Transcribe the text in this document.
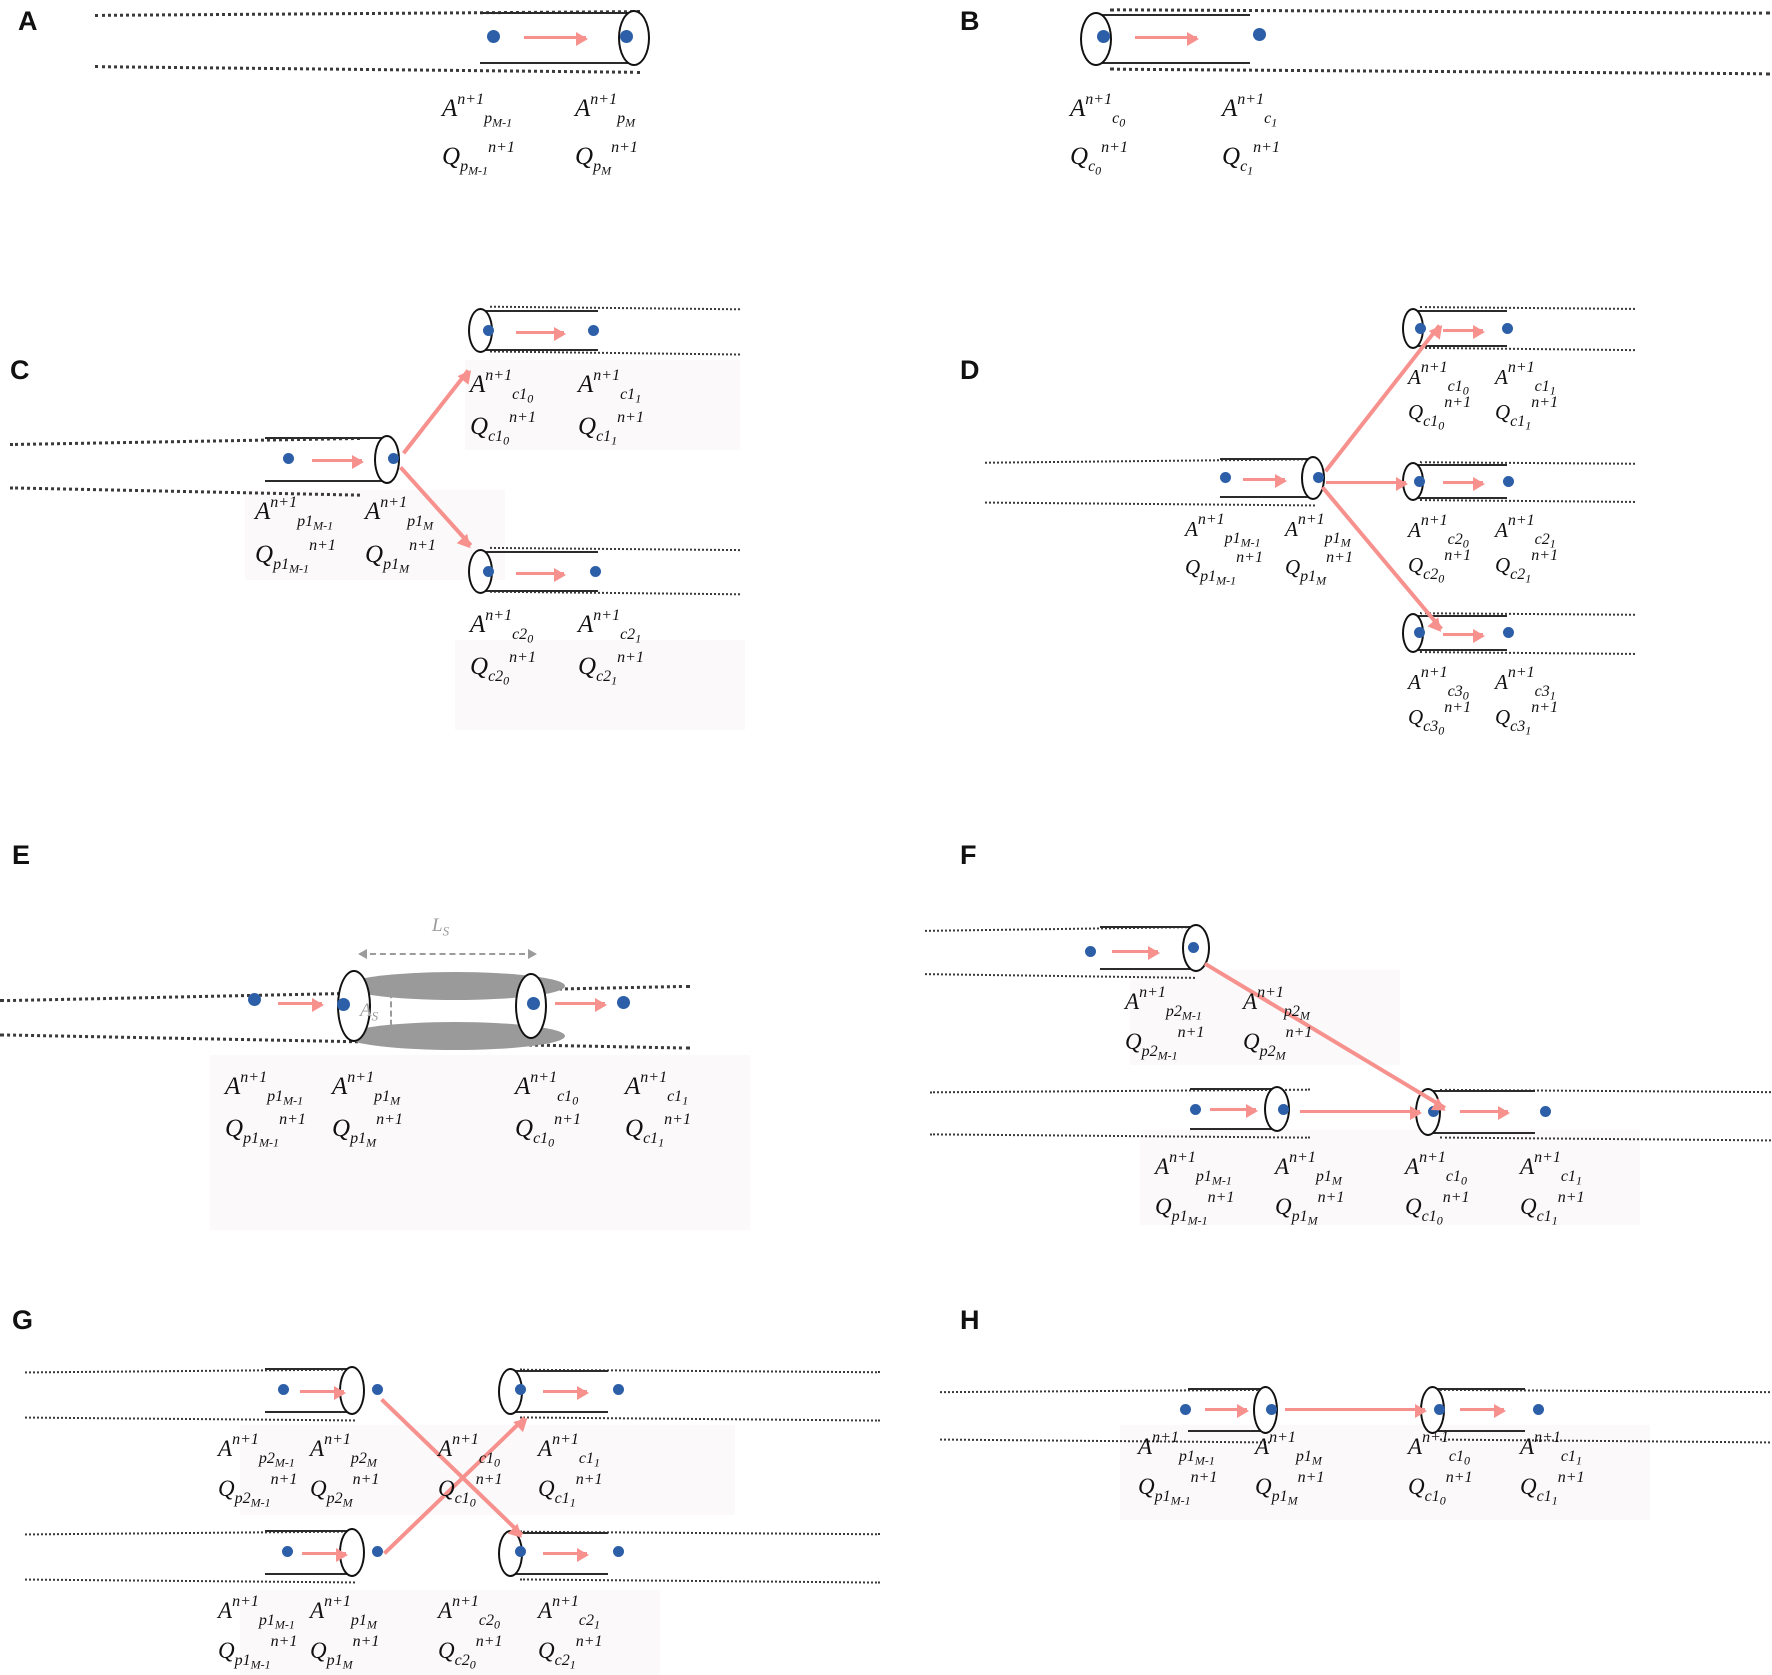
A
$A^{n+1}_{p_{M-1}}$
$A^{n+1}_{p_M}$
$Q_{p_{M-1}}^{n+1}$ $Q_{p_M}^{n+1}$
B
$A^{n+1}_{c_0}$
$A^{n+1}_{c_1}$
$Q_{c_0}^{n+1}$	$Q_{c_1}^{n+1}$
C
$A^{n+1}_{p1_{M-1}}$
$A^{n+1}_{p1_M}$
$Q_{p1_{M-1}}^{n+1}$ $Q_{p1_M}^{n+1}$
$A^{n+1}_{c1_0}$
$A^{n+1}_{c1_1}$
$Q_{c1_0}^{n+1}$ $Q_{c1_1}^{n+1}$
$A^{n+1}_{c2_0}$
$A^{n+1}_{c2_1}$
$Q_{c2_0}^{n+1}$ $Q_{c2_1}^{n+1}$
D
$A^{n+1}_{p1_{M-1}}$
$A^{n+1}_{p1_M}$
$Q_{p1_{M-1}}^{n+1}$ $Q_{p1_M}^{n+1}$
$A^{n+1}_{c1_0}$
$A^{n+1}_{c1_1}$
$Q_{c1_0}^{n+1}$ $Q_{c1_1}^{n+1}$
$A^{n+1}_{c2_0}$
$A^{n+1}_{c2_1}$
$Q_{c2_0}^{n+1}$ $Q_{c2_1}^{n+1}$
$A^{n+1}_{c3_0}$
$A^{n+1}_{c3_1}$
$Q_{c3_0}^{n+1}$ $Q_{c3_1}^{n+1}$
E
$L_S$
$A_S$
$A^{n+1}_{p1_{M-1}}$
$A^{n+1}_{p1_M}$
$Q_{p1_{M-1}}^{n+1}$ $Q_{p1_M}^{n+1}$
$A^{n+1}_{c1_0}$
$A^{n+1}_{c1_1}$
$Q_{c1_0}^{n+1}$ $Q_{c1_1}^{n+1}$
F
$A^{n+1}_{p2_{M-1}}$
$A^{n+1}_{p2_M}$
$Q_{p2_{M-1}}^{n+1}$ $Q_{p2_M}^{n+1}$
$A^{n+1}_{p1_{M-1}}$
$A^{n+1}_{p1_M}$
$Q_{p1_{M-1}}^{n+1}$ $Q_{p1_M}^{n+1}$
$A^{n+1}_{c1_0}$
$A^{n+1}_{c1_1}$
$Q_{c1_0}^{n+1}$ $Q_{c1_1}^{n+1}$
G
$A^{n+1}_{p2_{M-1}}$
$A^{n+1}_{p2_M}$
$Q_{p2_{M-1}}^{n+1}$ $Q_{p2_M}^{n+1}$
$A^{n+1}_{c1_0}$
$A^{n+1}_{c1_1}$
$Q_{c1_0}^{n+1}$ $Q_{c1_1}^{n+1}$
$A^{n+1}_{p1_{M-1}}$
$A^{n+1}_{p1_M}$
$Q_{p1_{M-1}}^{n+1}$ $Q_{p1_M}^{n+1}$
$A^{n+1}_{c2_0}$
$A^{n+1}_{c2_1}$
$Q_{c2_0}^{n+1}$ $Q_{c2_1}^{n+1}$
H
$A^{n+1}_{p1_{M-1}}$
$A^{n+1}_{p1_M}$
$Q_{p1_{M-1}}^{n+1}$ $Q_{p1_M}^{n+1}$
$A^{n+1}_{c1_0}$
$A^{n+1}_{c1_1}$
$Q_{c1_0}^{n+1}$ $Q_{c1_1}^{n+1}$
